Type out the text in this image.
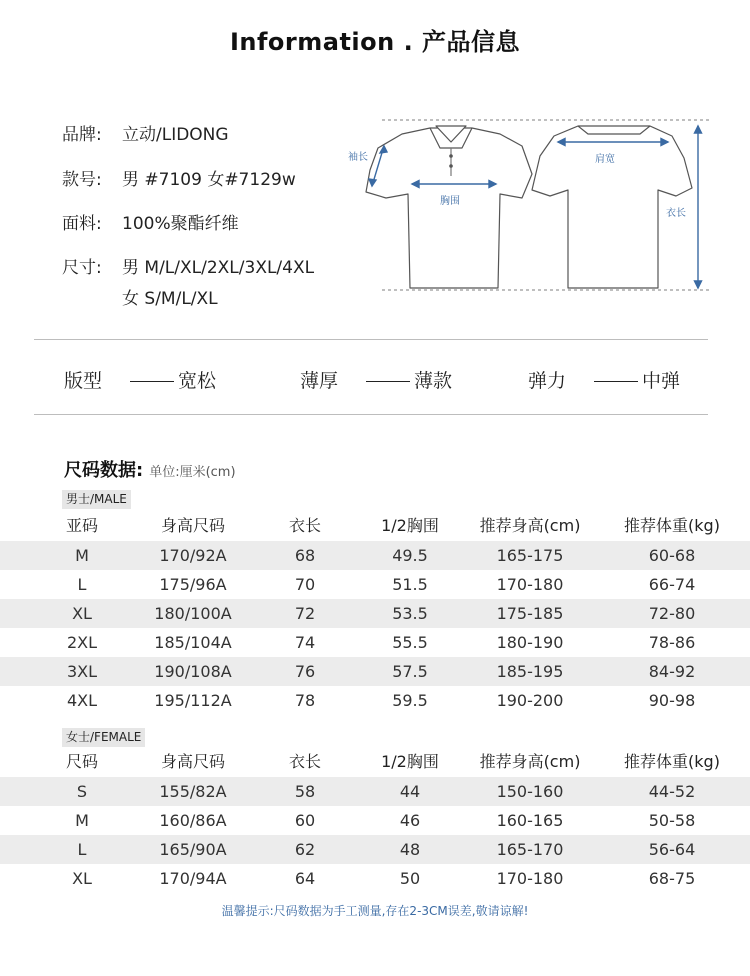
Information . 产品信息
品牌: 立动/LIDONG
款号: 男 #7109 女#7129w
面料: 100%聚酯纤维
尺寸: 男 M/L/XL/2XL/3XL/4XL
女 S/M/L/XL
袖长
胸围
肩宽
衣长
版型	宽松	薄厚	薄款	弹力	中弹
尺码数据: 单位:厘米(cm)
男士/MALE
亚码	身高尺码	衣长	1/2胸围	推荐身高(cm)	推荐体重(kg)
M	170/92A	68	49.5	165-175	60-68
L	175/96A	70	51.5	170-180	66-74
XL	180/100A	72	53.5	175-185	72-80
2XL	185/104A	74	55.5	180-190	78-86
3XL	190/108A	76	57.5	185-195	84-92
4XL	195/112A	78	59.5	190-200	90-98
女士/FEMALE
尺码	身高尺码	衣长	1/2胸围	推荐身高(cm)	推荐体重(kg)
S	155/82A	58	44	150-160	44-52
M	160/86A	60	46	160-165	50-58
L	165/90A	62	48	165-170	56-64
XL	170/94A	64	50	170-180	68-75
温馨提示:尺码数据为手工测量,存在2-3CM误差,敬请谅解!
